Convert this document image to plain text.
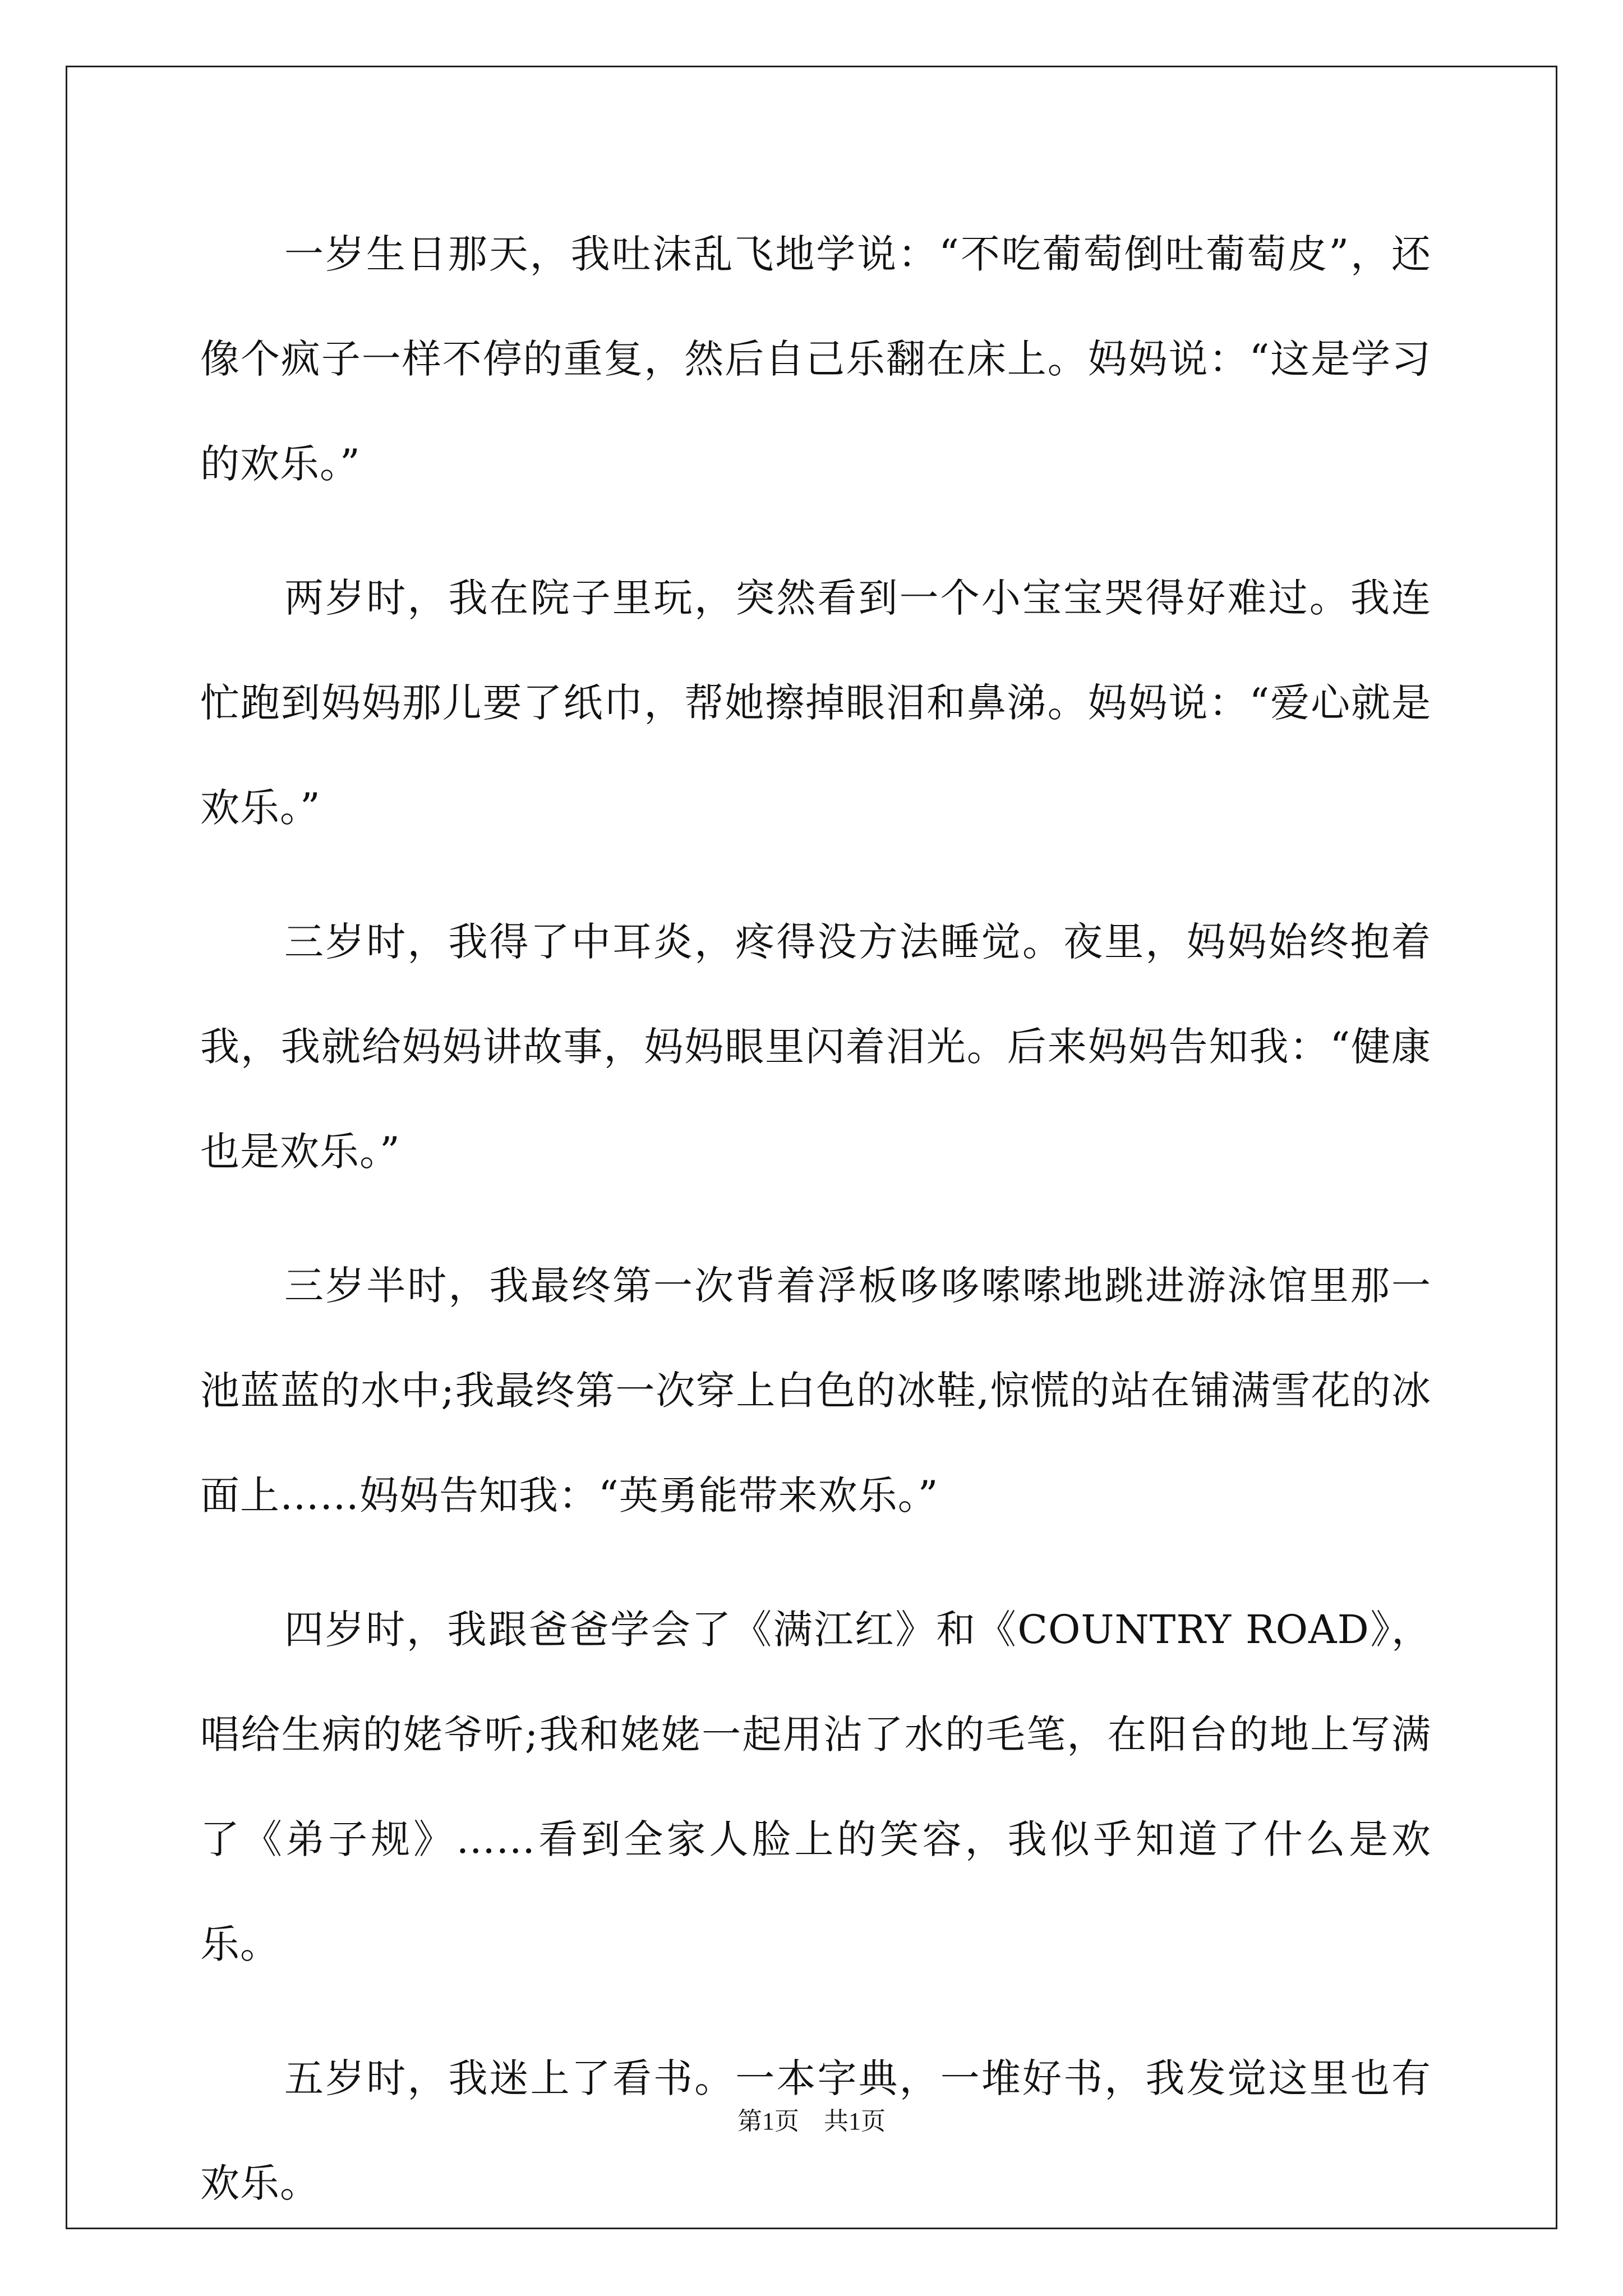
一岁生日那天，我吐沫乱飞地学说：“不吃葡萄倒吐葡萄皮”，还像个疯子一样不停的重复，然后自己乐翻在床上。妈妈说：“这是学习的欢乐。”

两岁时，我在院子里玩，突然看到一个小宝宝哭得好难过。我连忙跑到妈妈那儿要了纸巾，帮她擦掉眼泪和鼻涕。妈妈说：“爱心就是欢乐。”

三岁时，我得了中耳炎，疼得没方法睡觉。夜里，妈妈始终抱着我，我就给妈妈讲故事，妈妈眼里闪着泪光。后来妈妈告知我：“健康也是欢乐。”

三岁半时，我最终第一次背着浮板哆哆嗦嗦地跳进游泳馆里那一池蓝蓝的水中;我最终第一次穿上白色的冰鞋,惊慌的站在铺满雪花的冰面上……妈妈告知我：“英勇能带来欢乐。”

四岁时，我跟爸爸学会了《满江红》和《COUNTRY ROAD》，唱给生病的姥爷听;我和姥姥一起用沾了水的毛笔，在阳台的地上写满了《弟子规》……看到全家人脸上的笑容，我似乎知道了什么是欢乐。

五岁时，我迷上了看书。一本字典，一堆好书，我发觉这里也有欢乐。

第1页　共1页
